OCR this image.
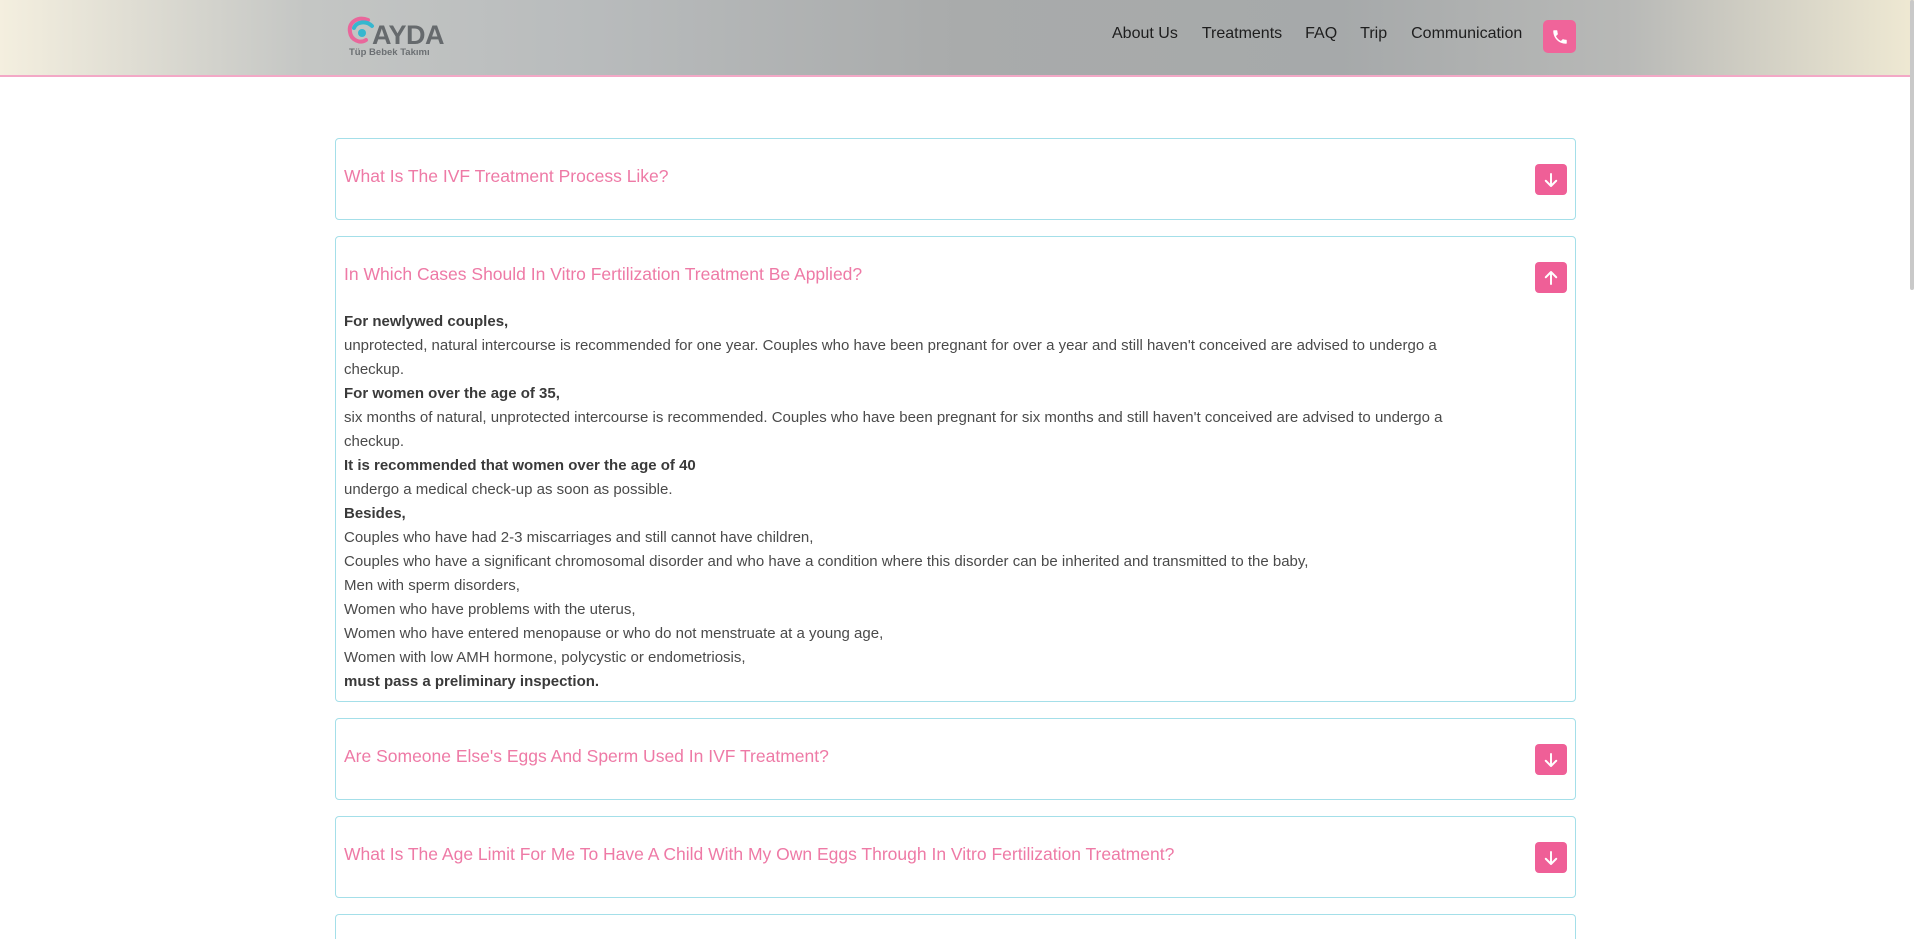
AYDA
Tüp Bebek Takımı
About Us Treatments FAQ Trip Communication
What Is The IVF Treatment Process Like?
In Which Cases Should In Vitro Fertilization Treatment Be Applied?
For newlywed couples,
unprotected, natural intercourse is recommended for one year. Couples who have been pregnant for over a year and still haven't conceived are advised to undergo a
checkup.
For women over the age of 35,
six months of natural, unprotected intercourse is recommended. Couples who have been pregnant for six months and still haven't conceived are advised to undergo a
checkup.
It is recommended that women over the age of 40
undergo a medical check-up as soon as possible.
Besides,
Couples who have had 2-3 miscarriages and still cannot have children,
Couples who have a significant chromosomal disorder and who have a condition where this disorder can be inherited and transmitted to the baby,
Men with sperm disorders,
Women who have problems with the uterus,
Women who have entered menopause or who do not menstruate at a young age,
Women with low AMH hormone, polycystic or endometriosis,
must pass a preliminary inspection.
Are Someone Else's Eggs And Sperm Used In IVF Treatment?
What Is The Age Limit For Me To Have A Child With My Own Eggs Through In Vitro Fertilization Treatment?
